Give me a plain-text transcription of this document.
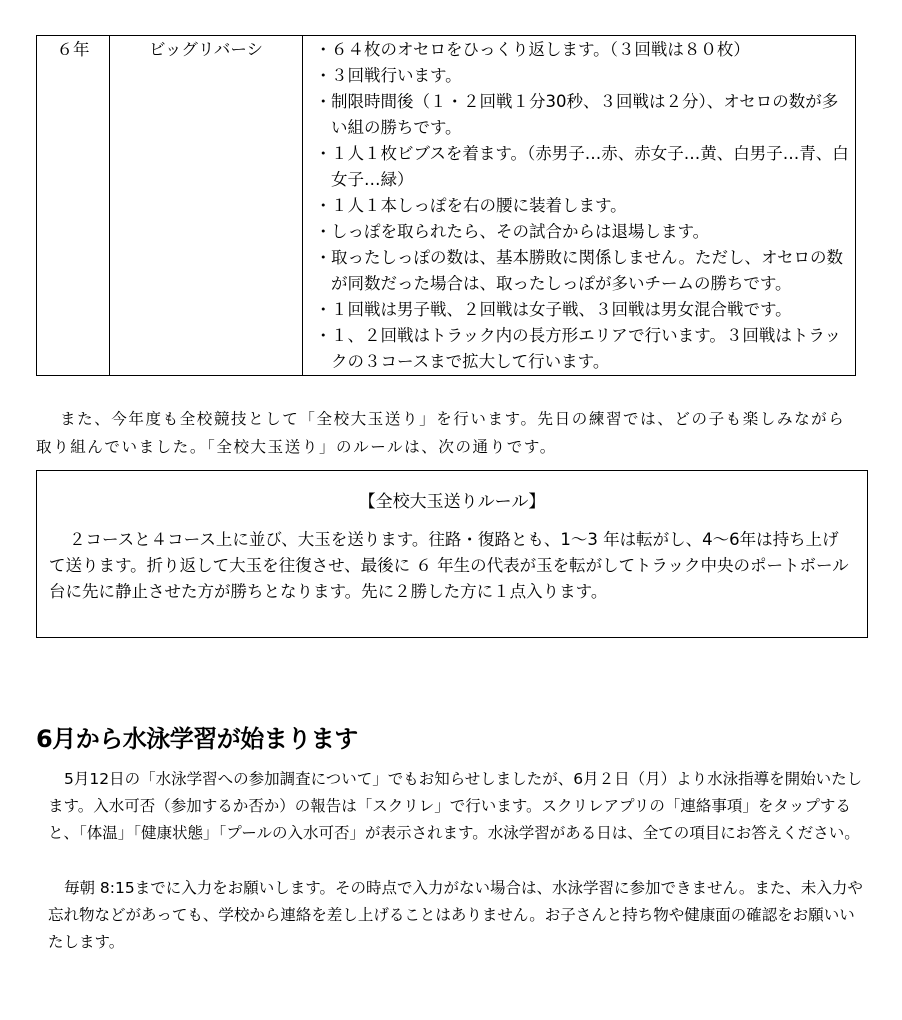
６年	ビッグリバーシ	・ ６４枚のオセロをひっくり返します。（３回戦は８０枚）
・ ３回戦行います。
・ 制限時間後（１・２回戦１分30秒、３回戦は２分）、オセロの数が多い組の勝ちです。
・ １人１枚ビブスを着ます。（赤男子…赤、赤女子…黄、白男子…青、白女子…緑）
・ １人１本しっぽを右の腰に装着します。
・ しっぽを取られたら、その試合からは退場します。
・ 取ったしっぽの数は、基本勝敗に関係しません。ただし、オセロの数が同数だった場合は、取ったしっぽが多いチームの勝ちです。
・ １回戦は男子戦、２回戦は女子戦、３回戦は男女混合戦です。
・ １、２回戦はトラック内の長方形エリアで行います。３回戦はトラックの３コースまで拡大して行います。

また、今年度も全校競技として「全校大玉送り」を行います。先日の練習では、どの子も楽しみながら取り組んでいました。「全校大玉送り」のルールは、次の通りです。

【全校大玉送りルール】

２コースと４コース上に並び、大玉を送ります。往路・復路とも、1～3 年は転がし、4～6年は持ち上げて送ります。折り返して大玉を往復させ、最後に ６ 年生の代表が玉を転がしてトラック中央のポートボール台に先に静止させた方が勝ちとなります。先に２勝した方に１点入ります。

6月から水泳学習が始まります

5月12日の「水泳学習への参加調査について」でもお知らせしましたが、6月２日（月）より水泳指導を開始いたします。入水可否（参加するか否か）の報告は「スクリレ」で行います。スクリレアプリの「連絡事項」をタップすると、「体温」「健康状態」「プールの入水可否」が表示されます。水泳学習がある日は、全ての項目にお答えください。

毎朝 8:15までに入力をお願いします。その時点で入力がない場合は、水泳学習に参加できません。また、未入力や忘れ物などがあっても、学校から連絡を差し上げることはありません。お子さんと持ち物や健康面の確認をお願いいたします。
